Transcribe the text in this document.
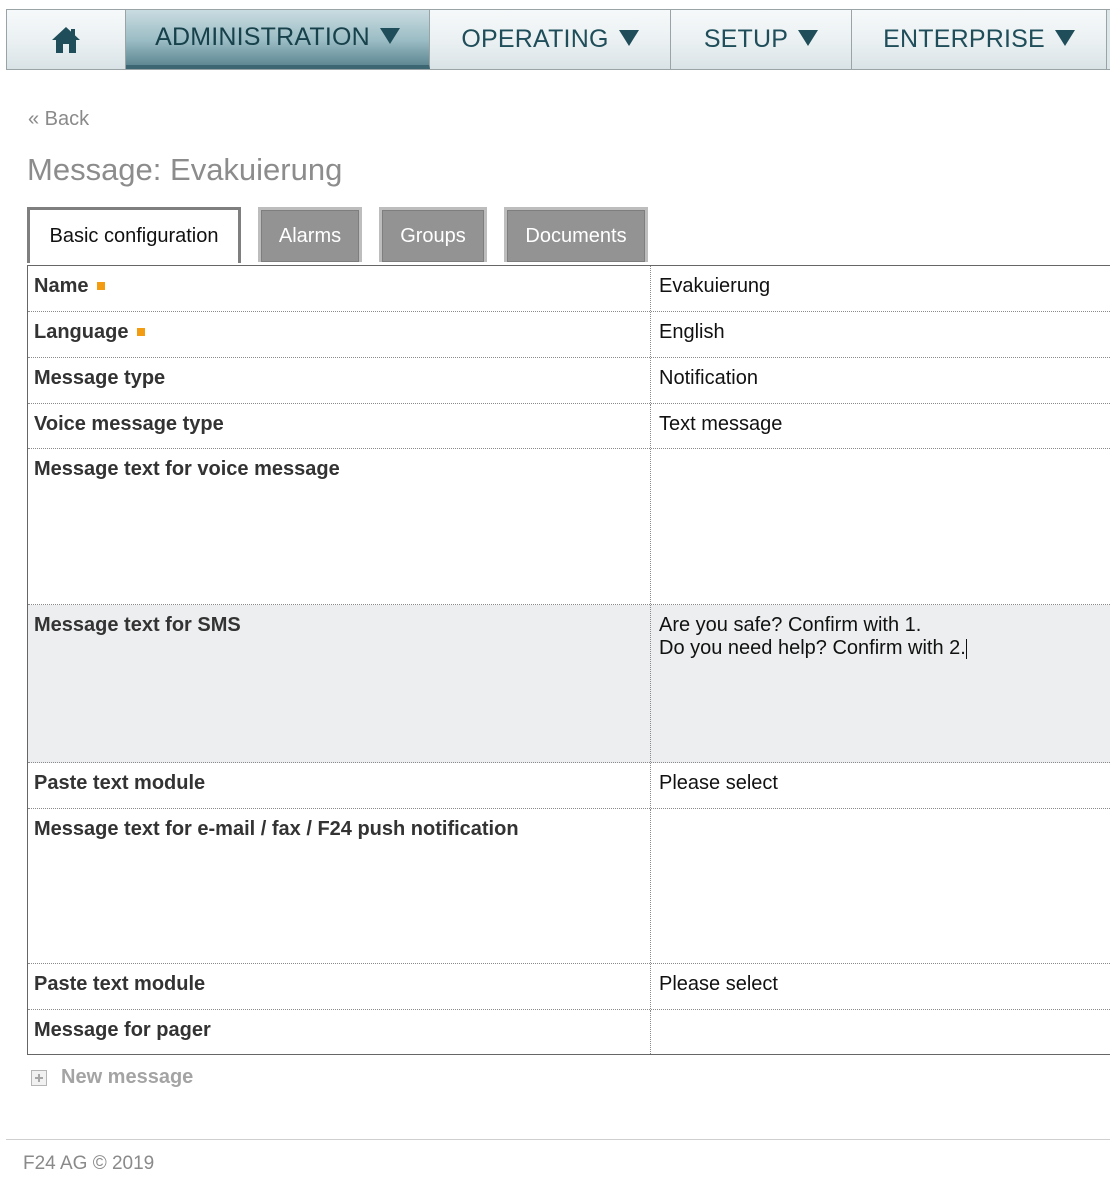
ADMINISTRATION	OPERATING	SETUP	ENTERPRISE
« Back
Message: Evakuierung
Basic configuration	Alarms	Groups	Documents
Name	Evakuierung
Language	English
Message type	Notification
Voice message type	Text message
Message text for voice message
Message text for SMS	Are you safe? Confirm with 1.
Do you need help? Confirm with 2.
Paste text module	Please select
Message text for e-mail / fax / F24 push notification
Paste text module	Please select
Message for pager
New message
F24 AG © 2019
